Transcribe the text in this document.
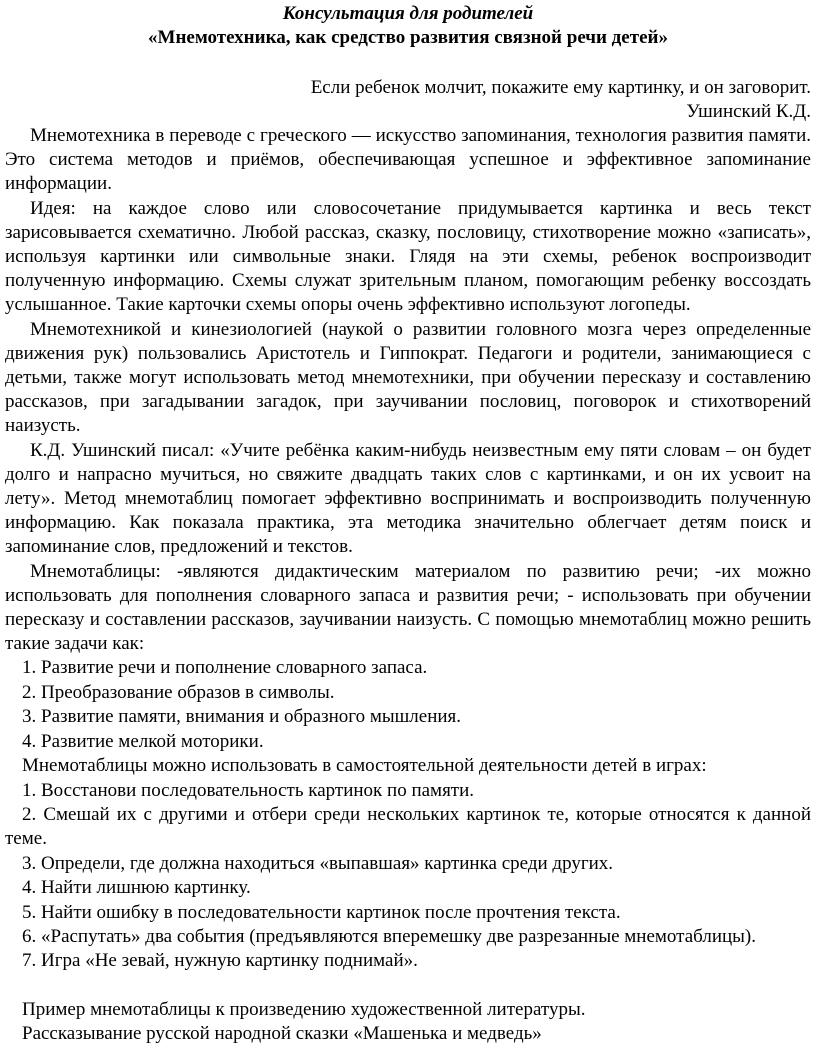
Консультация для родителей
«Мнемотехника, как средство развития связной речи детей»
Если ребенок молчит, покажите ему картинку, и он заговорит.
Ушинский К.Д.

Мнемотехника в переводе с греческого — искусство запоминания, технология развития памяти. Это система методов и приёмов, обеспечивающая успешное и эффективное запоминание информации.

Идея: на каждое слово или словосочетание придумывается картинка и весь текст зарисовывается схематично. Любой рассказ, сказку, пословицу, стихотворение можно «записать», используя картинки или символьные знаки. Глядя на эти схемы, ребенок воспроизводит полученную информацию. Схемы служат зрительным планом, помогающим ребенку воссоздать услышанное. Такие карточки схемы опоры очень эффективно используют логопеды.

Мнемотехникой и кинезиологией (наукой о развитии головного мозга через определенные движения рук) пользовались Аристотель и Гиппократ. Педагоги и родители, занимающиеся с детьми, также могут использовать метод мнемотехники, при обучении пересказу и составлению рассказов, при загадывании загадок, при заучивании пословиц, поговорок и стихотворений наизусть.

К.Д. Ушинский писал: «Учите ребёнка каким-нибудь неизвестным ему пяти словам – он будет долго и напрасно мучиться, но свяжите двадцать таких слов с картинками, и он их усвоит на лету». Метод мнемотаблиц помогает эффективно воспринимать и воспроизводить полученную информацию. Как показала практика, эта методика значительно облегчает детям поиск и запоминание слов, предложений и текстов.

Мнемотаблицы: -являются дидактическим материалом по развитию речи; -их можно использовать для пополнения словарного запаса и развития речи; - использовать при обучении пересказу и составлении рассказов, заучивании наизусть. С помощью мнемотаблиц можно решить такие задачи как:

1. Развитие речи и пополнение словарного запаса.

2. Преобразование образов в символы.

3. Развитие памяти, внимания и образного мышления.

4. Развитие мелкой моторики.

Мнемотаблицы можно использовать в самостоятельной деятельности детей в играх:

1. Восстанови последовательность картинок по памяти.

2. Смешай их с другими и отбери среди нескольких картинок те, которые относятся к данной теме.

3. Определи, где должна находиться «выпавшая» картинка среди других.

4. Найти лишнюю картинку.

5. Найти ошибку в последовательности картинок после прочтения текста.

6. «Распутать» два события (предъявляются вперемешку две разрезанные мнемотаблицы).

7. Игра «Не зевай, нужную картинку поднимай».

Пример мнемотаблицы к произведению художественной литературы.

Рассказывание русской народной сказки «Машенька и медведь»
